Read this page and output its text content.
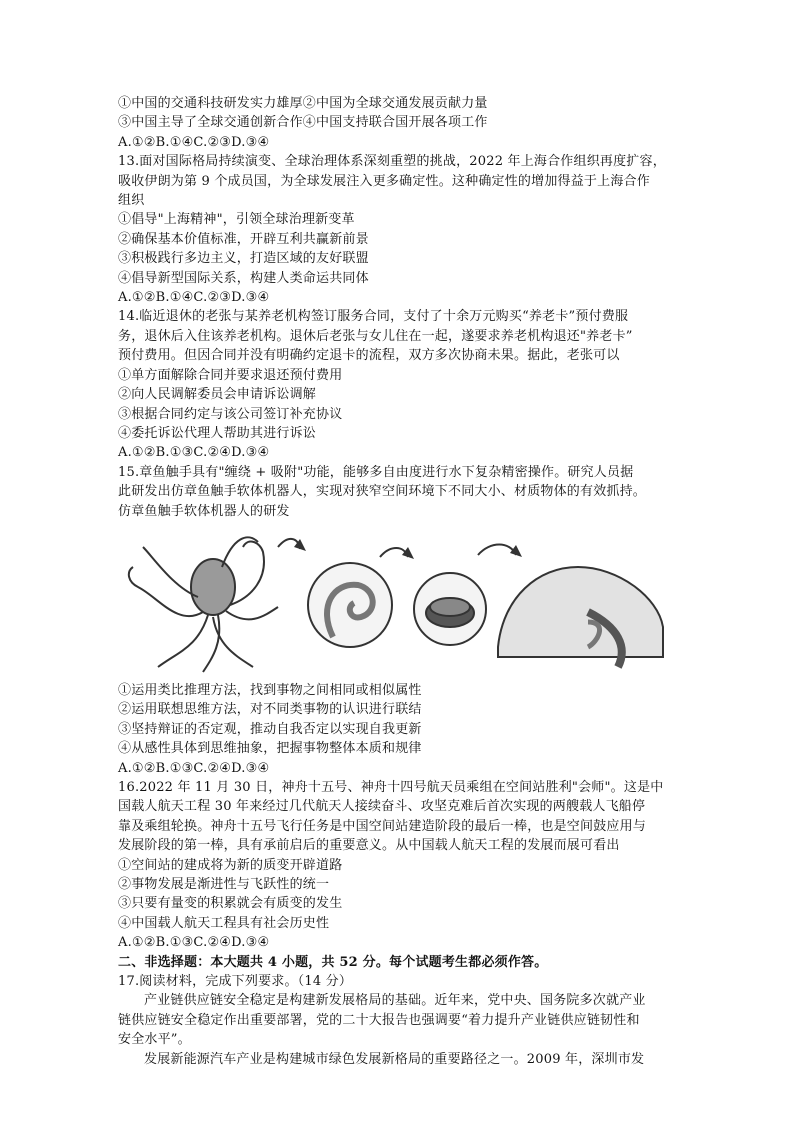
①中国的交通科技研发实力雄厚②中国为全球交通发展贡献力量
③中国主导了全球交通创新合作④中国支持联合国开展各项工作
A.①②B.①④C.②③D.③④
13.面对国际格局持续演变、全球治理体系深刻重塑的挑战，2022 年上海合作组织再度扩容，
吸收伊朗为第 9 个成员国，为全球发展注入更多确定性。这种确定性的增加得益于上海合作
组织
①倡导"上海精神"，引领全球治理新变革
②确保基本价值标准，开辟互利共赢新前景
③积极践行多边主义，打造区域的友好联盟
④倡导新型国际关系，构建人类命运共同体
A.①②B.①④C.②③D.③④
14.临近退休的老张与某养老机构签订服务合同，支付了十余万元购买“养老卡”预付费服
务，退休后入住该养老机构。退休后老张与女儿住在一起，遂要求养老机构退还"养老卡”
预付费用。但因合同并没有明确约定退卡的流程，双方多次协商未果。据此，老张可以
①单方面解除合同并要求退还预付费用
②向人民调解委员会申请诉讼调解
③根据合同约定与该公司签订补充协议
④委托诉讼代理人帮助其进行诉讼
A.①②B.①③C.②④D.③④
15.章鱼触手具有"缠绕 + 吸附"功能，能够多自由度进行水下复杂精密操作。研究人员据
此研发出仿章鱼触手软体机器人，实现对狭窄空间环境下不同大小、材质物体的有效抓持。
仿章鱼触手软体机器人的研发
①运用类比推理方法，找到事物之间相同或相似属性
②运用联想思维方法，对不同类事物的认识进行联结
③坚持辩证的否定观，推动自我否定以实现自我更新
④从感性具体到思维抽象，把握事物整体本质和规律
A.①②B.①③C.②④D.③④
16.2022 年 11 月 30 日，神舟十五号、神舟十四号航天员乘组在空间站胜利"会师"。这是中
国载人航天工程 30 年来经过几代航天人接续奋斗、攻坚克难后首次实现的两艘载人飞船停
靠及乘组轮换。神舟十五号飞行任务是中国空间站建造阶段的最后一棒，也是空间鼓应用与
发展阶段的第一棒，具有承前启后的重要意义。从中国载人航天工程的发展而展可看出
①空间站的建成将为新的质变开辟道路
②事物发展是渐进性与飞跃性的统一
③只要有量变的积累就会有质变的发生
④中国载人航天工程具有社会历史性
A.①②B.①③C.②④D.③④
二、非选择题：本大题共 4 小题，共 52 分。每个试题考生都必须作答。
17.阅读材料，完成下列要求。（14 分）
产业链供应链安全稳定是构建新发展格局的基础。近年来，党中央、国务院多次就产业
链供应链安全稳定作出重要部署，党的二十大报告也强调要“着力提升产业链供应链韧性和
安全水平”。
发展新能源汽车产业是构建城市绿色发展新格局的重要路径之一。2009 年，深圳市发
